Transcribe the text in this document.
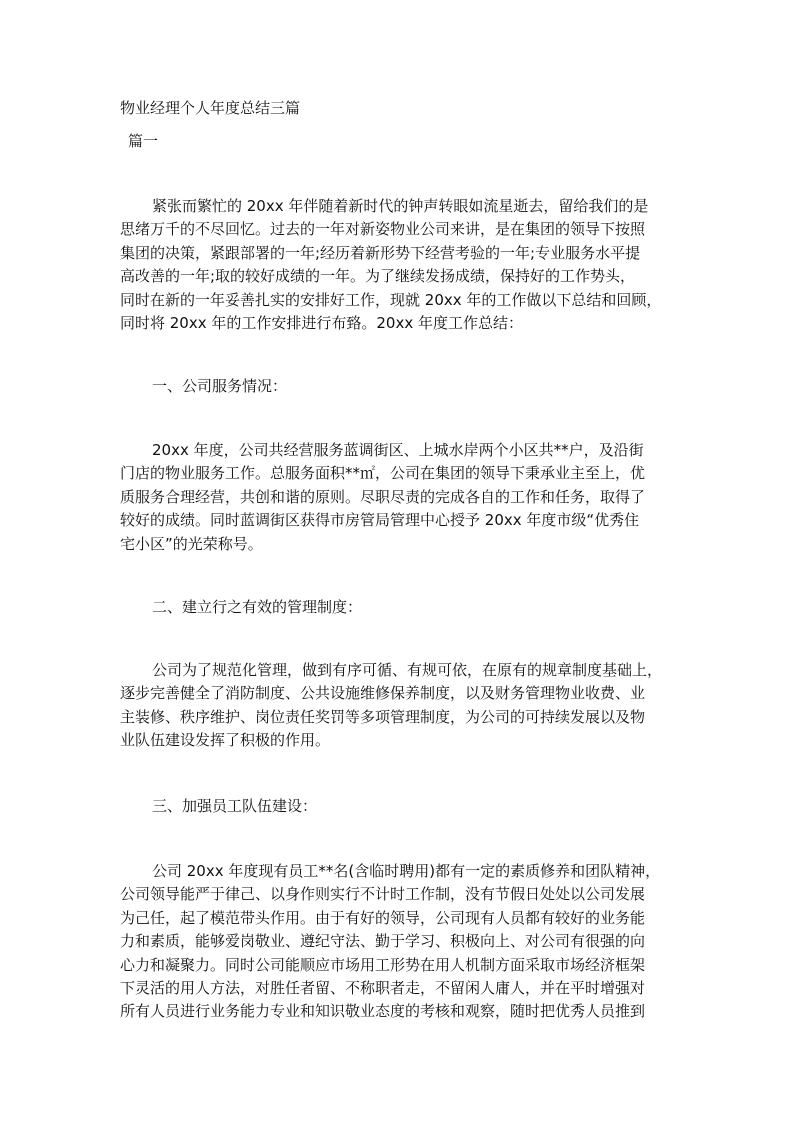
物业经理个人年度总结三篇
篇一
紧张而繁忙的 20xx 年伴随着新时代的钟声转眼如流星逝去，留给我们的是
思绪万千的不尽回忆。过去的一年对新姿物业公司来讲，是在集团的领导下按照
集团的决策，紧跟部署的一年;经历着新形势下经营考验的一年;专业服务水平提
高改善的一年;取的较好成绩的一年。为了继续发扬成绩，保持好的工作势头，
同时在新的一年妥善扎实的安排好工作，现就 20xx 年的工作做以下总结和回顾，
同时将 20xx 年的工作安排进行布臵。20xx 年度工作总结：
一、公司服务情况：
20xx 年度，公司共经营服务蓝调街区、上城水岸两个小区共**户，及沿街
门店的物业服务工作。总服务面积**㎡，公司在集团的领导下秉承业主至上，优
质服务合理经营，共创和谐的原则。尽职尽责的完成各自的工作和任务，取得了
较好的成绩。同时蓝调街区获得市房管局管理中心授予 20xx 年度市级“优秀住
宅小区”的光荣称号。
二、建立行之有效的管理制度：
公司为了规范化管理，做到有序可循、有规可依，在原有的规章制度基础上，
逐步完善健全了消防制度、公共设施维修保养制度，以及财务管理物业收费、业
主装修、秩序维护、岗位责任奖罚等多项管理制度，为公司的可持续发展以及物
业队伍建设发挥了积极的作用。
三、加强员工队伍建设：
公司 20xx 年度现有员工**名(含临时聘用)都有一定的素质修养和团队精神，
公司领导能严于律己、以身作则实行不计时工作制，没有节假日处处以公司发展
为己任，起了模范带头作用。由于有好的领导，公司现有人员都有较好的业务能
力和素质，能够爱岗敬业、遵纪守法、勤于学习、积极向上、对公司有很强的向
心力和凝聚力。同时公司能顺应市场用工形势在用人机制方面采取市场经济框架
下灵活的用人方法，对胜任者留、不称职者走，不留闲人庸人，并在平时增强对
所有人员进行业务能力专业和知识敬业态度的考核和观察，随时把优秀人员推到
